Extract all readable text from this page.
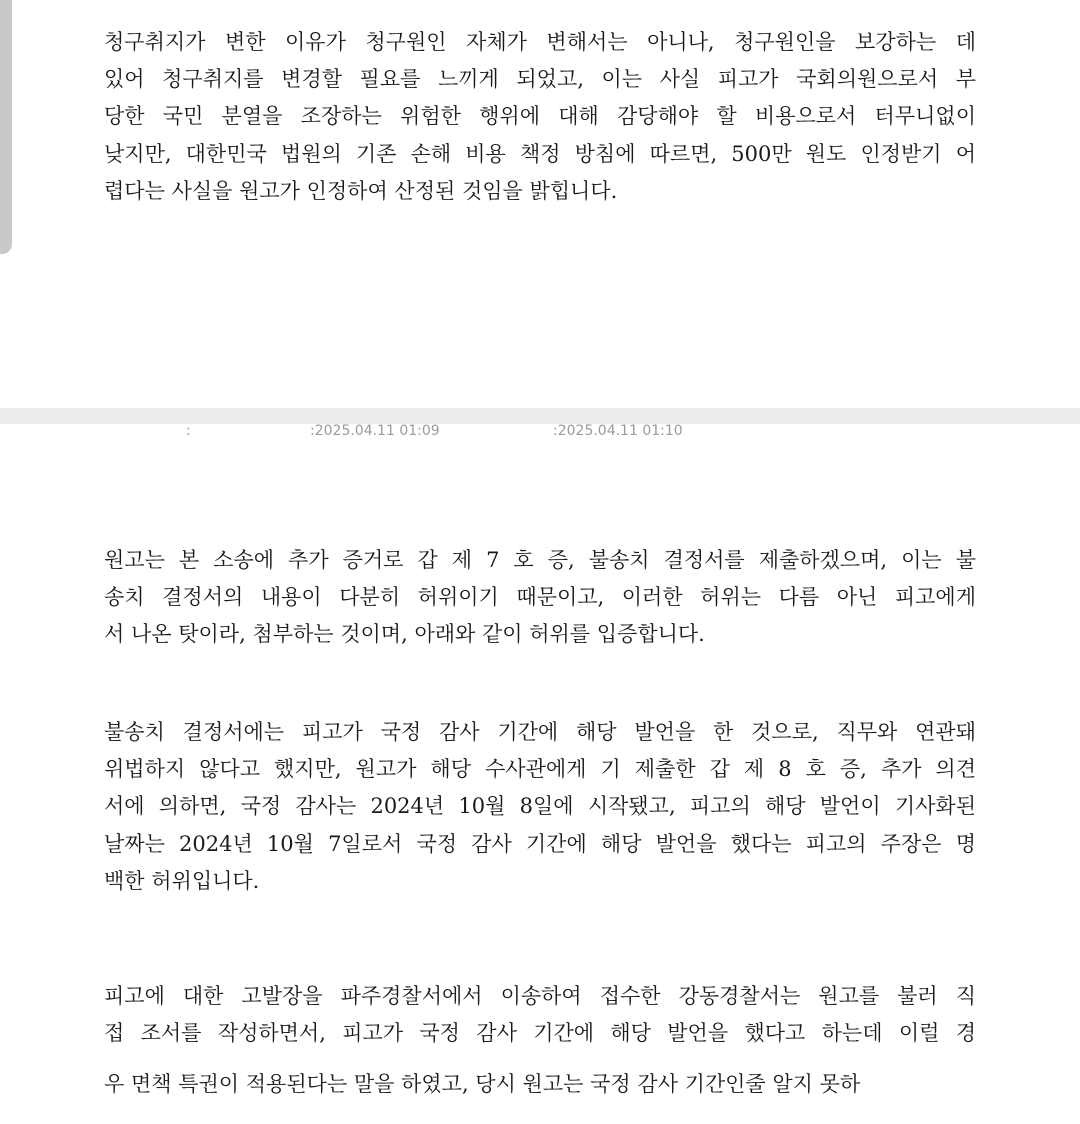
청구취지가 변한 이유가 청구원인 자체가 변해서는 아니나, 청구원인을 보강하는 데
있어 청구취지를 변경할 필요를 느끼게 되었고, 이는 사실 피고가 국회의원으로서 부
당한 국민 분열을 조장하는 위험한 행위에 대해 감당해야 할 비용으로서 터무니없이
낮지만, 대한민국 법원의 기존 손해 비용 책정 방침에 따르면, 500만 원도 인정받기 어
렵다는 사실을 원고가 인정하여 산정된 것임을 밝힙니다.

:	:2025.04.11 01:09	:2025.04.11 01:10

원고는 본 소송에 추가 증거로 갑 제 7 호 증, 불송치 결정서를 제출하겠으며, 이는 불
송치 결정서의 내용이 다분히 허위이기 때문이고, 이러한 허위는 다름 아닌 피고에게
서 나온 탓이라, 첨부하는 것이며, 아래와 같이 허위를 입증합니다.

불송치 결정서에는 피고가 국정 감사 기간에 해당 발언을 한 것으로, 직무와 연관돼
위법하지 않다고 했지만, 원고가 해당 수사관에게 기 제출한 갑 제 8 호 증, 추가 의견
서에 의하면, 국정 감사는 2024년 10월 8일에 시작됐고, 피고의 해당 발언이 기사화된
날짜는 2024년 10월 7일로서 국정 감사 기간에 해당 발언을 했다는 피고의 주장은 명
백한 허위입니다.

피고에 대한 고발장을 파주경찰서에서 이송하여 접수한 강동경찰서는 원고를 불러 직
접 조서를 작성하면서, 피고가 국정 감사 기간에 해당 발언을 했다고 하는데 이럴 경

우 면책 특권이 적용된다는 말을 하였고, 당시 원고는 국정 감사 기간인줄 알지 못하
